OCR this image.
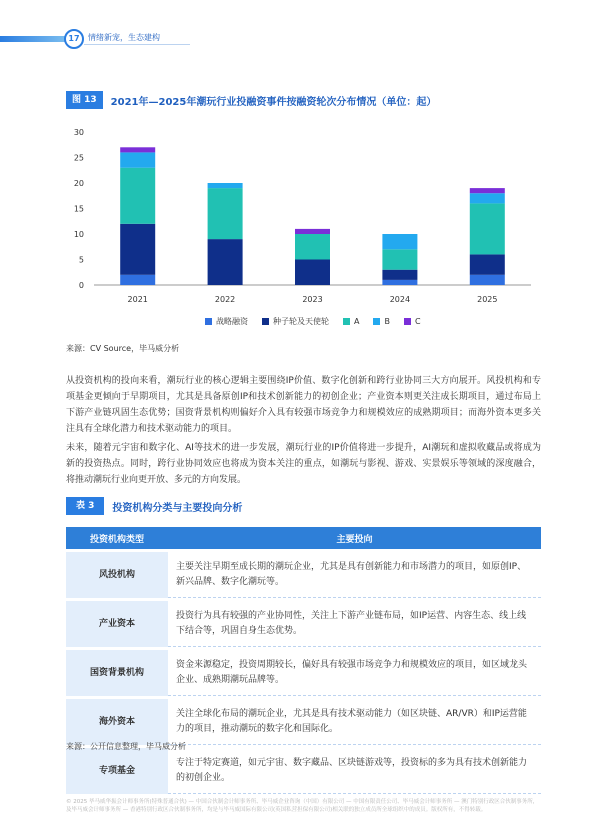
17	情绪新宠，生态建构
图 13	2021年—2025年潮玩行业投融资事件按融资轮次分布情况（单位：起）
0
5
10
15
20
25
30
2021	2022	2023	2024	2025
战略融资	种子轮及天使轮	A	B	C
来源：CV Source，毕马威分析
从投资机构的投向来看，潮玩行业的核心逻辑主要围绕IP价值、数字化创新和跨行业协同三大方向展开。风投机构和专项基金更倾向于早期项目，尤其是具备原创IP和技术创新能力的初创企业；产业资本则更关注成长期项目，通过布局上下游产业链巩固生态优势；国资背景机构则偏好介入具有较强市场竞争力和规模效应的成熟期项目；而海外资本更多关注具有全球化潜力和技术驱动能力的项目。
未来，随着元宇宙和数字化、AI等技术的进一步发展，潮玩行业的IP价值将进一步提升，AI潮玩和虚拟收藏品或将成为新的投资热点。同时，跨行业协同效应也将成为资本关注的重点，如潮玩与影视、游戏、实景娱乐等领域的深度融合，将推动潮玩行业向更开放、多元的方向发展。
表 3	投资机构分类与主要投向分析
投资机构类型	主要投向
风投机构	主要关注早期至成长期的潮玩企业，尤其是具有创新能力和市场潜力的项目，如原创IP、新兴品牌、数字化潮玩等。
产业资本	投资行为具有较强的产业协同性，关注上下游产业链布局，如IP运营、内容生态、线上线下结合等，巩固自身生态优势。
国资背景机构	资金来源稳定，投资周期较长，偏好具有较强市场竞争力和规模效应的项目，如区域龙头企业、成熟期潮玩品牌等。
海外资本	关注全球化布局的潮玩企业，尤其是具有技术驱动能力（如区块链、AR/VR）和IP运营能力的项目，推动潮玩的数字化和国际化。
专项基金	专注于特定赛道，如元宇宙、数字藏品、区块链游戏等，投资标的多为具有技术创新能力的初创企业。
来源：公开信息整理，毕马威分析
© 2025 毕马威华振会计师事务所(特殊普通合伙) — 中国合伙制会计师事务所、毕马威企业咨询（中国）有限公司 — 中国有限责任公司、毕马威会计师事务所 — 澳门特别行政区合伙制事务所，及毕马威会计师事务所 — 香港特别行政区合伙制事务所，均是与毕马威国际有限公司(英国私营担保有限公司)相关联的独立成员所全球组织中的成员。版权所有，不得转载。
